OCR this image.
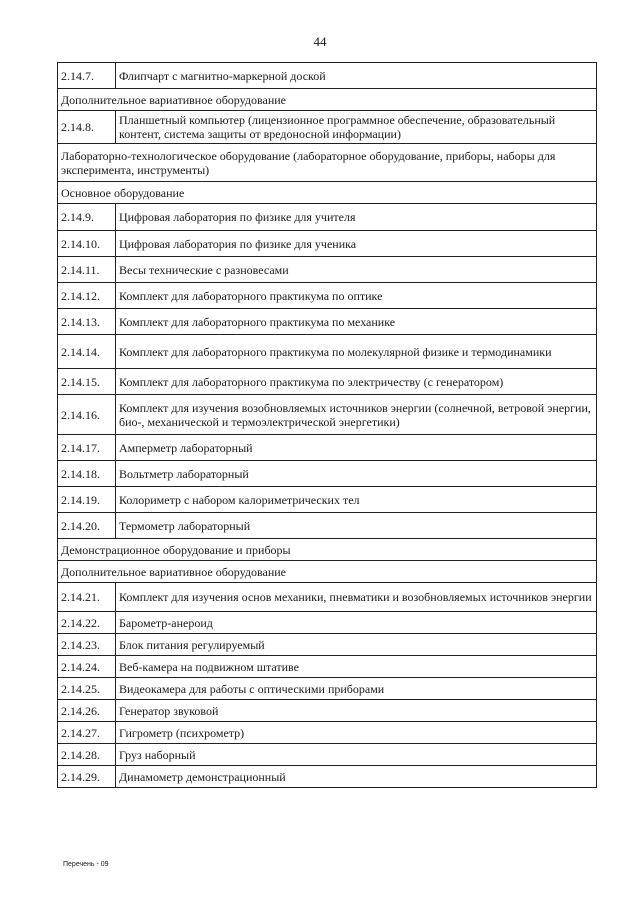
44
2.14.7.	Флипчарт с магнитно-маркерной доской
Дополнительное вариативное оборудование	
2.14.8.	Планшетный компьютер (лицензионное программное обеспечение, образовательный контент, система защиты от вредоносной информации)
Лабораторно-технологическое оборудование (лабораторное оборудование, приборы, наборы для эксперимента, инструменты)	
Основное оборудование	
2.14.9.	Цифровая лаборатория по физике для учителя
2.14.10.	Цифровая лаборатория по физике для ученика
2.14.11.	Весы технические с разновесами
2.14.12.	Комплект для лабораторного практикума по оптике
2.14.13.	Комплект для лабораторного практикума по механике
2.14.14.	Комплект для лабораторного практикума по молекулярной физике и термодинамики
2.14.15.	Комплект для лабораторного практикума по электричеству (с генератором)
2.14.16.	Комплект для изучения возобновляемых источников энергии (солнечной, ветровой энергии, био-, механической и термоэлектрической энергетики)
2.14.17.	Амперметр лабораторный
2.14.18.	Вольтметр лабораторный
2.14.19.	Колориметр с набором калориметрических тел
2.14.20.	Термометр лабораторный
Демонстрационное оборудование и приборы	
Дополнительное вариативное оборудование	
2.14.21.	Комплект для изучения основ механики, пневматики и возобновляемых источников энергии
2.14.22.	Барометр-анероид
2.14.23.	Блок питания регулируемый
2.14.24.	Веб-камера на подвижном штативе
2.14.25.	Видеокамера для работы с оптическими приборами
2.14.26.	Генератор звуковой
2.14.27.	Гигрометр (психрометр)
2.14.28.	Груз наборный
2.14.29.	Динамометр демонстрационный
Перечень - 09
